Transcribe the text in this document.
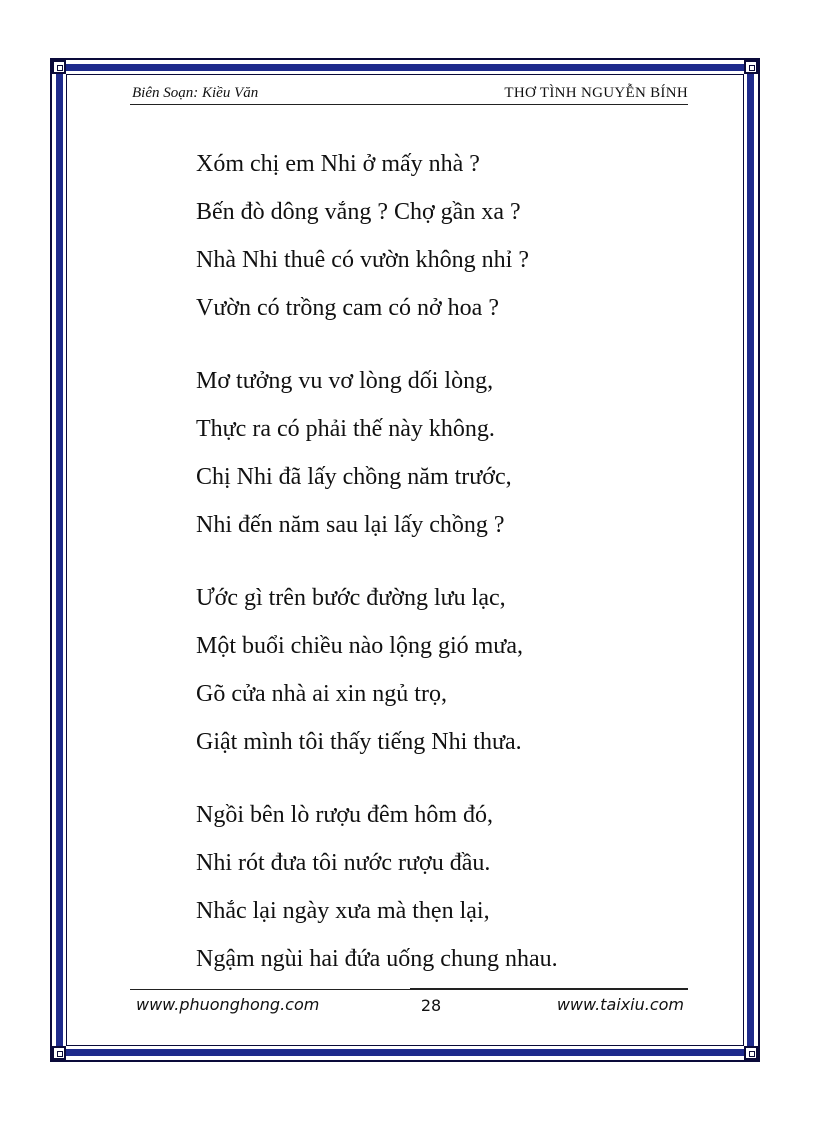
Biên Soạn: Kiều Văn	THƠ TÌNH NGUYỄN BÍNH
Xóm chị em Nhi ở mấy nhà ?
Bến đò dông vắng ? Chợ gần xa ?
Nhà Nhi thuê có vườn không nhỉ ?
Vườn có trồng cam có nở hoa ?
Mơ tưởng vu vơ lòng dối lòng,
Thực ra có phải thế này không.
Chị Nhi đã lấy chồng năm trước,
Nhi đến năm sau lại lấy chồng ?
Ước gì trên bước đường lưu lạc,
Một buổi chiều nào lộng gió mưa,
Gõ cửa nhà ai xin ngủ trọ,
Giật mình tôi thấy tiếng Nhi thưa.
Ngồi bên lò rượu đêm hôm đó,
Nhi rót đưa tôi nước rượu đầu.
Nhắc lại ngày xưa mà thẹn lại,
Ngậm ngùi hai đứa uống chung nhau.
www.phuonghong.com	28	www.taixiu.com
